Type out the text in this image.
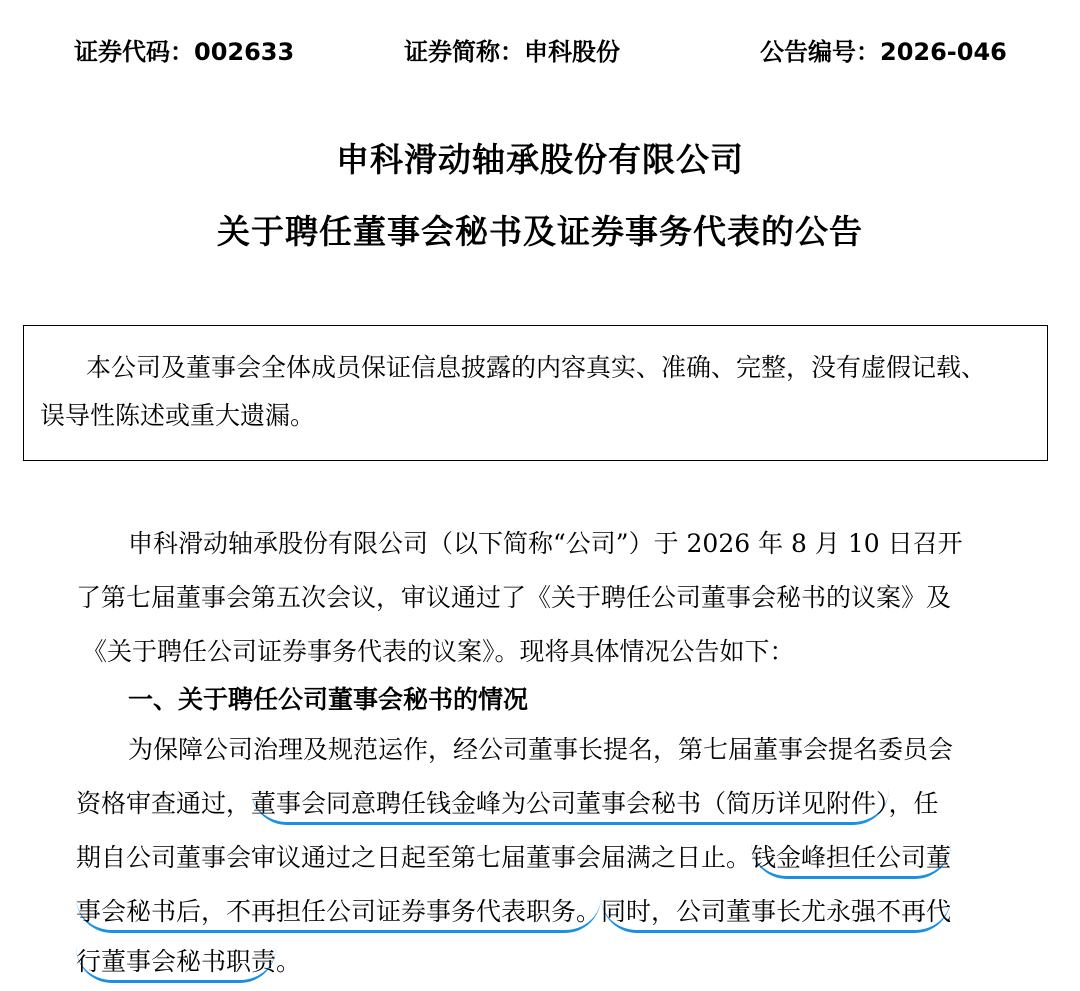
证券代码：002633	证券简称：申科股份	公告编号：2026-046
申科滑动轴承股份有限公司
关于聘任董事会秘书及证券事务代表的公告
本公司及董事会全体成员保证信息披露的内容真实、准确、完整，没有虚假记载、
误导性陈述或重大遗漏。
申科滑动轴承股份有限公司（以下简称“公司”）于 2026 年 8 月 10 日召开
了第七届董事会第五次会议，审议通过了《关于聘任公司董事会秘书的议案》及
《关于聘任公司证券事务代表的议案》。现将具体情况公告如下：
一、关于聘任公司董事会秘书的情况
为保障公司治理及规范运作，经公司董事长提名，第七届董事会提名委员会
资格审查通过，董事会同意聘任钱金峰为公司董事会秘书（简历详见附件），任
期自公司董事会审议通过之日起至第七届董事会届满之日止。钱金峰担任公司董
事会秘书后，不再担任公司证券事务代表职务。同时，公司董事长尤永强不再代
行董事会秘书职责。
